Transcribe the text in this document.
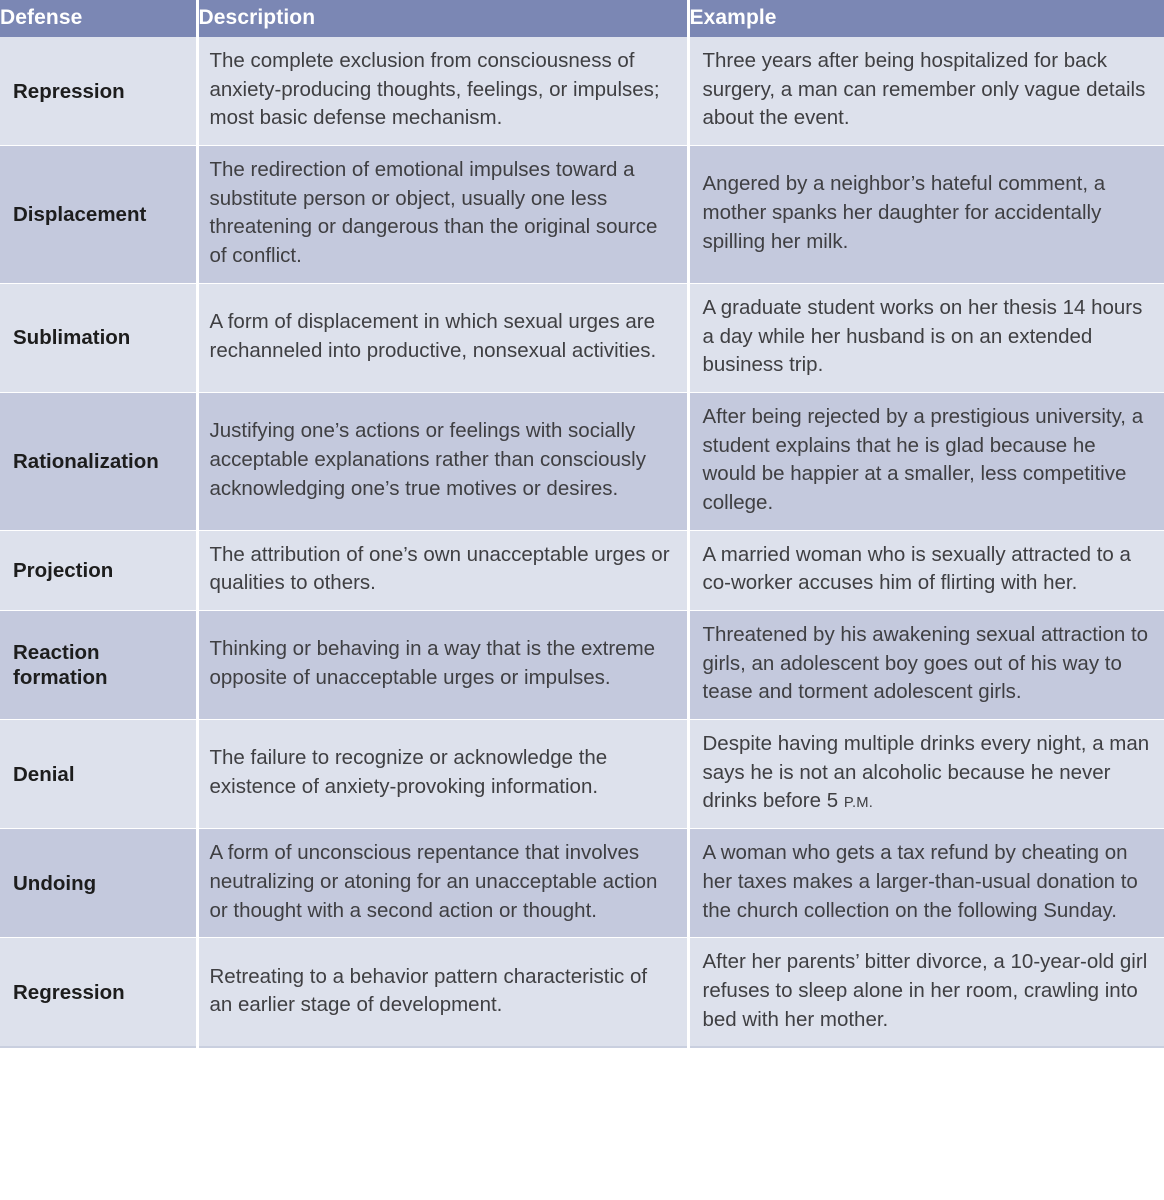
Defense	Description	Example
Repression	The complete exclusion from consciousness of anxiety-producing thoughts, feelings, or impulses; most basic defense mechanism.	Three years after being hospitalized for back surgery, a man can remember only vague details about the event.
Displacement	The redirection of emotional impulses toward a substitute person or object, usually one less threatening or dangerous than the original source of conflict.	Angered by a neighbor’s hateful comment, a mother spanks her daughter for accidentally spilling her milk.
Sublimation	A form of displacement in which sexual urges are rechanneled into productive, nonsexual activities.	A graduate student works on her thesis 14 hours a day while her husband is on an extended business trip.
Rationalization	Justifying one’s actions or feelings with socially acceptable explanations rather than consciously acknowledging one’s true motives or desires.	After being rejected by a prestigious university, a student explains that he is glad because he would be happier at a smaller, less competitive college.
Projection	The attribution of one’s own unacceptable urges or qualities to others.	A married woman who is sexually attracted to a co-worker accuses him of flirting with her.
Reaction formation	Thinking or behaving in a way that is the extreme opposite of unacceptable urges or impulses.	Threatened by his awakening sexual attraction to girls, an adolescent boy goes out of his way to tease and torment adolescent girls.
Denial	The failure to recognize or acknowledge the existence of anxiety-provoking information.	Despite having multiple drinks every night, a man says he is not an alcoholic because he never drinks before 5 P.M.
Undoing	A form of unconscious repentance that involves neutralizing or atoning for an unacceptable action or thought with a second action or thought.	A woman who gets a tax refund by cheating on her taxes makes a larger-than-usual donation to the church collection on the following Sunday.
Regression	Retreating to a behavior pattern characteristic of an earlier stage of development.	After her parents’ bitter divorce, a 10-year-old girl refuses to sleep alone in her room, crawling into bed with her mother.
